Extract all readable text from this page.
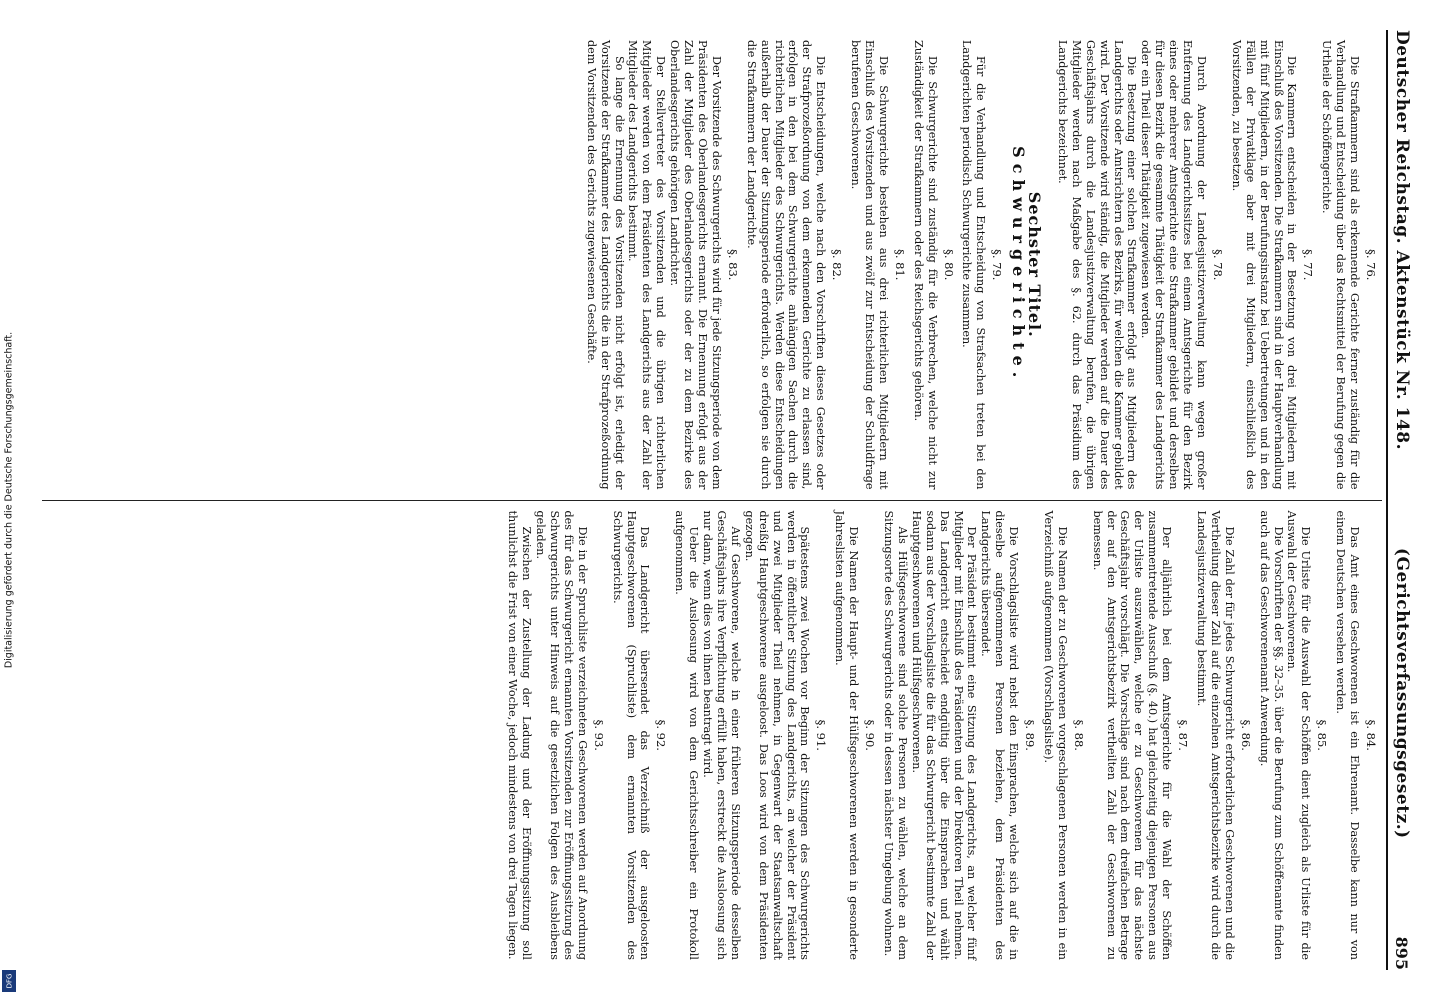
Deutscher Reichstag. Aktenstück Nr. 148.
(Gerichtsverfassungsgesetz.)
895
§. 76.

Die Strafkammern sind als erkennende Gerichte ferner zuständig für die Verhandlung und Entscheidung über das Rechtsmittel der Berufung gegen die Urtheile der Schöffengerichte.

§. 77.

Die Kammern entscheiden in der Besetzung von drei Mitgliedern mit Einschluß des Vorsitzenden. Die Strafkammern sind in der Hauptverhandlung mit fünf Mitgliedern, in der Berufungsinstanz bei Uebertretungen und in den Fällen der Privatklage aber mit drei Mitgliedern, einschließlich des Vorsitzenden, zu besetzen.

§. 78.

Durch Anordnung der Landesjustizverwaltung kann wegen großer Entfernung des Landgerichtssitzes bei einem Amtsgerichte für den Bezirk eines oder mehrerer Amtsgerichte eine Strafkammer gebildet und derselben für diesen Bezirk die gesammte Thätigkeit der Strafkammer des Landgerichts oder ein Theil dieser Thätigkeit zugewiesen werden.

Die Besetzung einer solchen Strafkammer erfolgt aus Mitgliedern des Landgerichts oder Amtsrichtern des Bezirks, für welchen die Kammer gebildet wird. Der Vorsitzende wird ständig, die Mitglieder werden auf die Dauer des Geschäftsjahrs durch die Landesjustizverwaltung berufen, die übrigen Mitglieder werden nach Maßgabe des §. 62. durch das Präsidium des Landgerichts bezeichnet.

Sechster Titel.
Schwurgerichte.
§. 79.

Für die Verhandlung und Entscheidung von Strafsachen treten bei den Landgerichten periodisch Schwurgerichte zusammen.

§. 80.

Die Schwurgerichte sind zuständig für die Verbrechen, welche nicht zur Zuständigkeit der Strafkammern oder des Reichsgerichts gehören.

§. 81.

Die Schwurgerichte bestehen aus drei richterlichen Mitgliedern mit Einschluß des Vorsitzenden und aus zwölf zur Entscheidung der Schuldfrage berufenen Geschworenen.

§. 82.

Die Entscheidungen, welche nach den Vorschriften dieses Gesetzes oder der Strafprozeßordnung von dem erkennenden Gerichte zu erlassen sind, erfolgen in den bei dem Schwurgerichte anhängigen Sachen durch die richterlichen Mitglieder des Schwurgerichts. Werden diese Entscheidungen außerhalb der Dauer der Sitzungsperiode erforderlich, so erfolgen sie durch die Strafkammern der Landgerichte.

§. 83.

Der Vorsitzende des Schwurgerichts wird für jede Sitzungsperiode von dem Präsidenten des Oberlandesgerichts ernannt. Die Ernennung erfolgt aus der Zahl der Mitglieder des Oberlandesgerichts oder der zu dem Bezirke des Oberlandesgerichts gehörigen Landrichter.

Der Stellvertreter des Vorsitzenden und die übrigen richterlichen Mitglieder werden von dem Präsidenten des Landgerichts aus der Zahl der Mitglieder des Landgerichts bestimmt.

So lange die Ernennung des Vorsitzenden nicht erfolgt ist, erledigt der Vorsitzende der Strafkammer des Landgerichts die in der Strafprozeßordnung dem Vorsitzenden des Gerichts zugewiesenen Geschäfte.

§. 84.

Das Amt eines Geschworenen ist ein Ehrenamt. Dasselbe kann nur von einem Deutschen versehen werden.

§. 85.

Die Urliste für die Auswahl der Schöffen dient zugleich als Urliste für die Auswahl der Geschworenen.

Die Vorschriften der §§. 32–35. über die Berufung zum Schöffenamte finden auch auf das Geschworenenamt Anwendung.

§. 86.

Die Zahl der für jedes Schwurgericht erforderlichen Geschworenen und die Vertheilung dieser Zahl auf die einzelnen Amtsgerichtsbezirke wird durch die Landesjustizverwaltung bestimmt.

§. 87.

Der alljährlich bei dem Amtsgerichte für die Wahl der Schöffen zusammentretende Ausschuß (§. 40.) hat gleichzeitig diejenigen Personen aus der Urliste auszuwählen, welche er zu Geschworenen für das nächste Geschäftsjahr vorschlägt. Die Vorschläge sind nach dem dreifachen Betrage der auf den Amtsgerichtsbezirk vertheilten Zahl der Geschworenen zu bemessen.

§. 88.

Die Namen der zu Geschworenen vorgeschlagenen Personen werden in ein Verzeichniß aufgenommen (Vorschlagsliste).

§. 89.

Die Vorschlagsliste wird nebst den Einsprachen, welche sich auf die in dieselbe aufgenommenen Personen beziehen, dem Präsidenten des Landgerichts übersendet.

Der Präsident bestimmt eine Sitzung des Landgerichts, an welcher fünf Mitglieder mit Einschluß des Präsidenten und der Direktoren Theil nehmen. Das Landgericht entscheidet endgültig über die Einsprachen und wählt sodann aus der Vorschlagsliste die für das Schwurgericht bestimmte Zahl der Hauptgeschworenen und Hülfsgeschworenen.

Als Hülfsgeschworene sind solche Personen zu wählen, welche an dem Sitzungsorte des Schwurgerichts oder in dessen nächster Umgebung wohnen.

§. 90.

Die Namen der Haupt- und der Hülfsgeschworenen werden in gesonderte Jahreslisten aufgenommen.

§. 91.

Spätestens zwei Wochen vor Beginn der Sitzungen des Schwurgerichts werden in öffentlicher Sitzung des Landgerichts, an welcher der Präsident und zwei Mitglieder Theil nehmen, in Gegenwart der Staatsanwaltschaft dreißig Hauptgeschworene ausgeloost. Das Loos wird von dem Präsidenten gezogen.

Auf Geschworene, welche in einer früheren Sitzungsperiode desselben Geschäftsjahrs ihre Verpflichtung erfüllt haben, erstreckt die Ausloosung sich nur dann, wenn dies von ihnen beantragt wird.

Ueber die Ausloosung wird von dem Gerichtsschreiber ein Protokoll aufgenommen.

§. 92.

Das Landgericht übersendet das Verzeichniß der ausgeloosten Hauptgeschworenen (Spruchliste) dem ernannten Vorsitzenden des Schwurgerichts.

§. 93.

Die in der Spruchliste verzeichneten Geschworenen werden auf Anordnung des für das Schwurgericht ernannten Vorsitzenden zur Eröffnungssitzung des Schwurgerichts unter Hinweis auf die gesetzlichen Folgen des Ausbleibens geladen.

Zwischen der Zustellung der Ladung und der Eröffnungssitzung soll thunlichst die Frist von einer Woche, jedoch mindestens von drei Tagen liegen.

Digitalisierung gefördert durch die Deutsche Forschungsgemeinschaft.
DFG
